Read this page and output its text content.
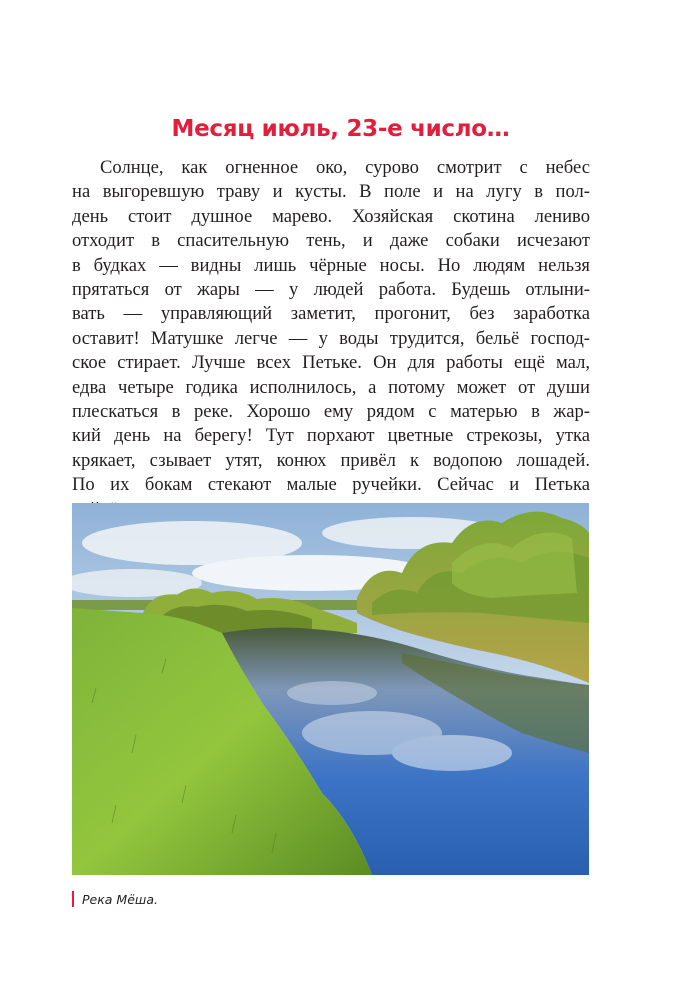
Месяц июль, 23-е число…

Солнце, как огненное око, сурово смотрит с небес
на выгоревшую траву и кусты. В поле и на лугу в пол-
день стоит душное марево. Хозяйская скотина лениво
отходит в спасительную тень, и даже собаки исчезают
в будках — видны лишь чёрные носы. Но людям нельзя
прятаться от жары — у людей работа. Будешь отлыни-
вать — управляющий заметит, прогонит, без заработка
оставит! Матушке легче — у воды трудится, бельё господ-
ское стирает. Лучше всех Петьке. Он для работы ещё мал,
едва четыре годика исполнилось, а потому может от души
плескаться в реке. Хорошо ему рядом с матерью в жар-
кий день на берегу! Тут порхают цветные стрекозы, утка
крякает, сзывает утят, конюх привёл к водопою лошадей.
По их бокам стекают малые ручейки. Сейчас и Петька

Река Мёша.
